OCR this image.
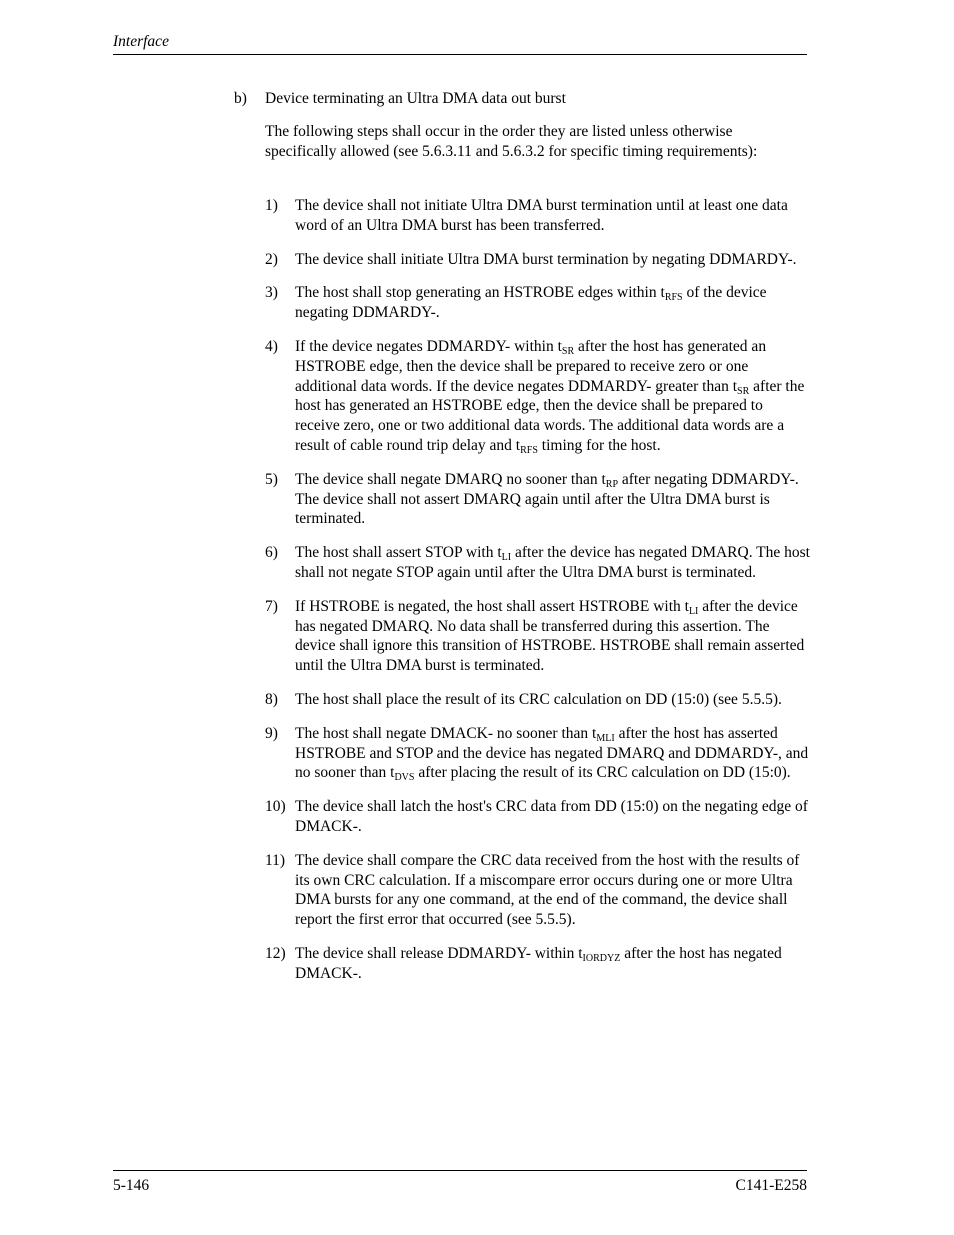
Interface
b) Device terminating an Ultra DMA data out burst
The following steps shall occur in the order they are listed unless otherwise specifically allowed (see 5.6.3.11 and 5.6.3.2 for specific timing requirements):
1) The device shall not initiate Ultra DMA burst termination until at least one data word of an Ultra DMA burst has been transferred.
2) The device shall initiate Ultra DMA burst termination by negating DDMARDY-.
3) The host shall stop generating an HSTROBE edges within $t_{RFS}$ of the device negating DDMARDY-.
4) If the device negates DDMARDY- within $t_{SR}$ after the host has generated an HSTROBE edge, then the device shall be prepared to receive zero or one additional data words. If the device negates DDMARDY- greater than $t_{SR}$ after the host has generated an HSTROBE edge, then the device shall be prepared to receive zero, one or two additional data words. The additional data words are a result of cable round trip delay and $t_{RFS}$ timing for the host.
5) The device shall negate DMARQ no sooner than $t_{RP}$ after negating DDMARDY-. The device shall not assert DMARQ again until after the Ultra DMA burst is terminated.
6) The host shall assert STOP with $t_{LI}$ after the device has negated DMARQ. The host shall not negate STOP again until after the Ultra DMA burst is terminated.
7) If HSTROBE is negated, the host shall assert HSTROBE with $t_{LI}$ after the device has negated DMARQ. No data shall be transferred during this assertion. The device shall ignore this transition of HSTROBE. HSTROBE shall remain asserted until the Ultra DMA burst is terminated.
8) The host shall place the result of its CRC calculation on DD (15:0) (see 5.5.5).
9) The host shall negate DMACK- no sooner than $t_{MLI}$ after the host has asserted HSTROBE and STOP and the device has negated DMARQ and DDMARDY-, and no sooner than $t_{DVS}$ after placing the result of its CRC calculation on DD (15:0).
10) The device shall latch the host's CRC data from DD (15:0) on the negating edge of DMACK-.
11) The device shall compare the CRC data received from the host with the results of its own CRC calculation. If a miscompare error occurs during one or more Ultra DMA bursts for any one command, at the end of the command, the device shall report the first error that occurred (see 5.5.5).
12) The device shall release DDMARDY- within $t_{IORDYZ}$ after the host has negated DMACK-.
5-146	C141-E258
